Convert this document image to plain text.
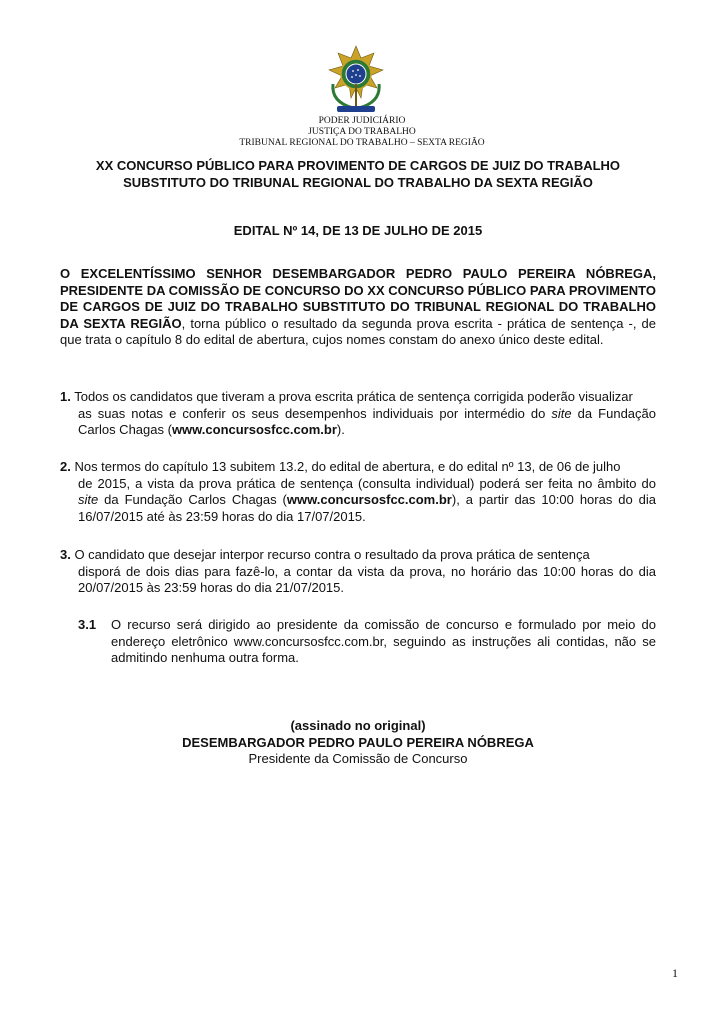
PODER JUDICIÁRIO
JUSTIÇA DO TRABALHO
TRIBUNAL REGIONAL DO TRABALHO – SEXTA REGIÃO
XX CONCURSO PÚBLICO PARA PROVIMENTO DE CARGOS DE JUIZ DO TRABALHO
SUBSTITUTO DO TRIBUNAL REGIONAL DO TRABALHO DA SEXTA REGIÃO
EDITAL Nº 14, DE 13 DE JULHO DE 2015
O EXCELENTÍSSIMO SENHOR DESEMBARGADOR PEDRO PAULO PEREIRA NÓBREGA, PRESIDENTE DA COMISSÃO DE CONCURSO DO XX CONCURSO PÚBLICO PARA PROVIMENTO DE CARGOS DE JUIZ DO TRABALHO SUBSTITUTO DO TRIBUNAL REGIONAL DO TRABALHO DA SEXTA REGIÃO, torna público o resultado da segunda prova escrita - prática de sentença -, de que trata o capítulo 8 do edital de abertura, cujos nomes constam do anexo único deste edital.
1. Todos os candidatos que tiveram a prova escrita prática de sentença corrigida poderão visualizar
as suas notas e conferir os seus desempenhos individuais por intermédio do site da Fundação Carlos Chagas (www.concursosfcc.com.br).
2. Nos termos do capítulo 13 subitem 13.2, do edital de abertura, e do edital nº 13, de 06 de julho
de 2015, a vista da prova prática de sentença (consulta individual) poderá ser feita no âmbito do site da Fundação Carlos Chagas (www.concursosfcc.com.br), a partir das 10:00 horas do dia 16/07/2015 até às 23:59 horas do dia 17/07/2015.
3. O candidato que desejar interpor recurso contra o resultado da prova prática de sentença
disporá de dois dias para fazê-lo, a contar da vista da prova, no horário das 10:00 horas do dia 20/07/2015 às 23:59 horas do dia 21/07/2015.
3.1 O recurso será dirigido ao presidente da comissão de concurso e formulado por meio do endereço eletrônico www.concursosfcc.com.br, seguindo as instruções ali contidas, não se admitindo nenhuma outra forma.
(assinado no original)
DESEMBARGADOR PEDRO PAULO PEREIRA NÓBREGA
Presidente da Comissão de Concurso
1
